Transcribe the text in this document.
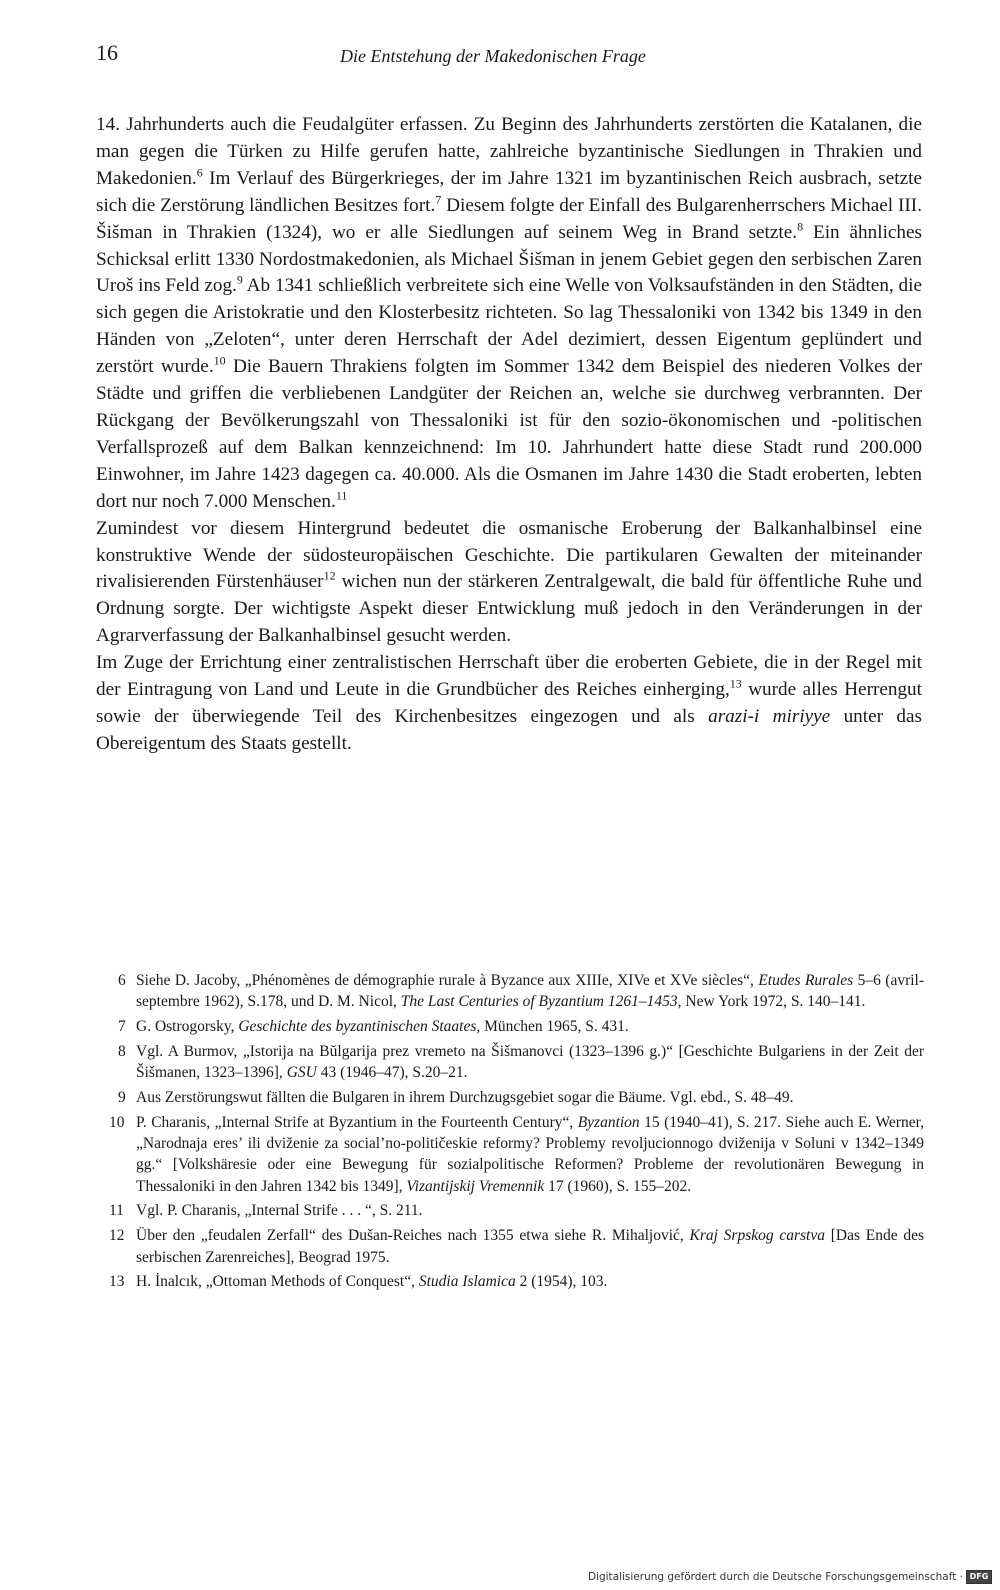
16	Die Entstehung der Makedonischen Frage

14. Jahrhunderts auch die Feudalgüter erfassen. Zu Beginn des Jahrhunderts zerstörten die Katalanen, die man gegen die Türken zu Hilfe gerufen hatte, zahlreiche byzantinische Siedlungen in Thrakien und Makedonien.$^6$ Im Verlauf des Bürgerkrieges, der im Jahre 1321 im byzantinischen Reich ausbrach, setzte sich die Zerstörung ländlichen Besitzes fort.$^7$ Diesem folgte der Einfall des Bulgarenherrschers Michael III. Šišman in Thrakien (1324), wo er alle Siedlungen auf seinem Weg in Brand setzte.$^8$ Ein ähnliches Schicksal erlitt 1330 Nordostmakedonien, als Michael Šišman in jenem Gebiet gegen den serbischen Zaren Uroš ins Feld zog.$^9$ Ab 1341 schließlich verbreitete sich eine Welle von Volksaufständen in den Städten, die sich gegen die Aristokratie und den Klosterbesitz richteten. So lag Thessaloniki von 1342 bis 1349 in den Händen von „Zeloten“, unter deren Herrschaft der Adel dezimiert, dessen Eigentum geplündert und zerstört wurde.$^{10}$ Die Bauern Thrakiens folgten im Sommer 1342 dem Beispiel des niederen Volkes der Städte und griffen die verbliebenen Landgüter der Reichen an, welche sie durchweg verbrannten. Der Rückgang der Bevölkerungszahl von Thessaloniki ist für den sozio-ökonomischen und -politischen Verfallsprozeß auf dem Balkan kennzeichnend: Im 10. Jahrhundert hatte diese Stadt rund 200.000 Einwohner, im Jahre 1423 dagegen ca. 40.000. Als die Osmanen im Jahre 1430 die Stadt eroberten, lebten dort nur noch 7.000 Menschen.$^{11}$

Zumindest vor diesem Hintergrund bedeutet die osmanische Eroberung der Balkanhalbinsel eine konstruktive Wende der südosteuropäischen Geschichte. Die partikularen Gewalten der miteinander rivalisierenden Fürstenhäuser$^{12}$ wichen nun der stärkeren Zentralgewalt, die bald für öffentliche Ruhe und Ordnung sorgte. Der wichtigste Aspekt dieser Entwicklung muß jedoch in den Veränderungen in der Agrarverfassung der Balkanhalbinsel gesucht werden.

Im Zuge der Errichtung einer zentralistischen Herrschaft über die eroberten Gebiete, die in der Regel mit der Eintragung von Land und Leute in die Grundbücher des Reiches einherging,$^{13}$ wurde alles Herrengut sowie der überwiegende Teil des Kirchenbesitzes eingezogen und als arazi-i miriyye unter das Obereigentum des Staats gestellt.

6 Siehe D. Jacoby, „Phénomènes de démographie rurale à Byzance aux XIIIe, XIVe et XVe siècles“, Etudes Rurales 5–6 (avril-septembre 1962), S.178, und D. M. Nicol, The Last Centuries of Byzantium 1261–1453, New York 1972, S. 140–141.
7 G. Ostrogorsky, Geschichte des byzantinischen Staates, München 1965, S. 431.
8 Vgl. A Burmov, „Istorija na Bŭlgarija prez vremeto na Šišmanovci (1323–1396 g.)“ [Geschichte Bulgariens in der Zeit der Šišmanen, 1323–1396], GSU 43 (1946–47), S.20–21.
9 Aus Zerstörungswut fällten die Bulgaren in ihrem Durchzugsgebiet sogar die Bäume. Vgl. ebd., S. 48–49.
10 P. Charanis, „Internal Strife at Byzantium in the Fourteenth Century“, Byzantion 15 (1940–41), S. 217. Siehe auch E. Werner, „Narodnaja eres’ ili dviženie za social’no-političeskie reformy? Problemy revoljucionnogo dviženija v Soluni v 1342–1349 gg.“ [Volkshäresie oder eine Bewegung für sozialpolitische Reformen? Probleme der revolutionären Bewegung in Thessaloniki in den Jahren 1342 bis 1349], Vizantijskij Vremennik 17 (1960), S. 155–202.
11 Vgl. P. Charanis, „Internal Strife . . . “, S. 211.
12 Über den „feudalen Zerfall“ des Dušan-Reiches nach 1355 etwa siehe R. Mihaljović, Kraj Srpskog carstva [Das Ende des serbischen Zarenreiches], Beograd 1975.
13 H. İnalcık, „Ottoman Methods of Conquest“, Studia Islamica 2 (1954), 103.
Digitalisierung gefördert durch die Deutsche Forschungsgemeinschaft · DFG
